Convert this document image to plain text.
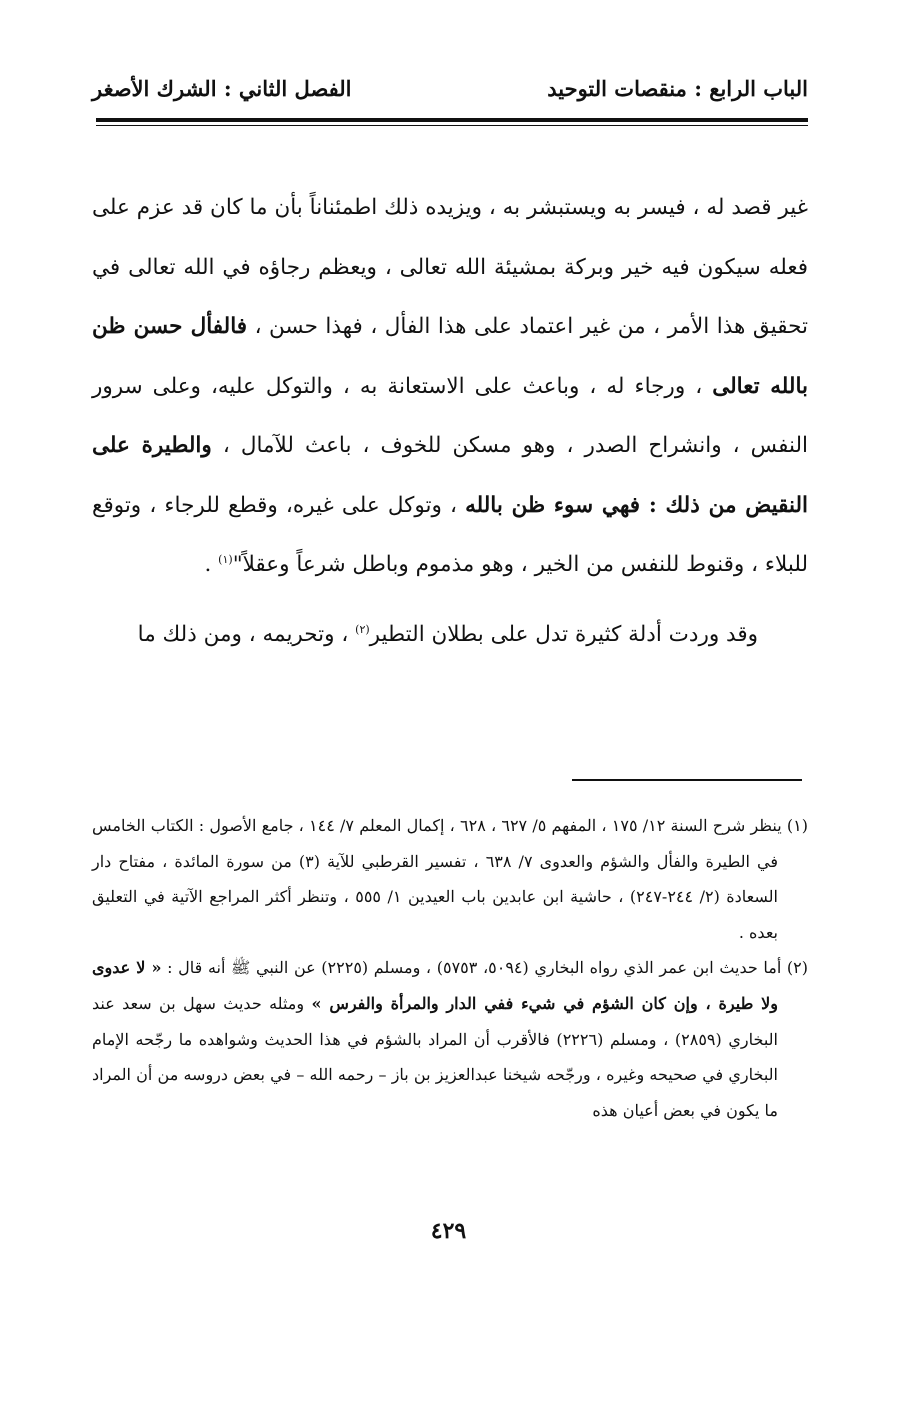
الباب الرابع : منقصات التوحيد
الفصل الثاني : الشرك الأصغر

غير قصد له ، فيسر به ويستبشر به ، ويزيده ذلك اطمئناناً بأن ما كان قد عزم على فعله سيكون فيه خير وبركة بمشيئة الله تعالى ، ويعظم رجاؤه في الله تعالى في تحقيق هذا الأمر ، من غير اعتماد على هذا الفأل ، فهذا حسن ، فالفأل حسن ظن بالله تعالى ، ورجاء له ، وباعث على الاستعانة به ، والتوكل عليه، وعلى سرور النفس ، وانشراح الصدر ، وهو مسكن للخوف ، باعث للآمال ، والطيرة على النقيض من ذلك : فهي سوء ظن بالله ، وتوكل على غيره، وقطع للرجاء ، وتوقع للبلاء ، وقنوط للنفس من الخير ، وهو مذموم وباطل شرعاً وعقلاً"$^{(١)}$ .

وقد وردت أدلة كثيرة تدل على بطلان التطير$^{(٢)}$ ، وتحريمه ، ومن ذلك ما

(١) ينظر شرح السنة ١٢/ ١٧٥ ، المفهم ٥/ ٦٢٧ ، ٦٢٨ ، إكمال المعلم ٧/ ١٤٤ ، جامع الأصول : الكتاب الخامس في الطيرة والفأل والشؤم والعدوى ٧/ ٦٣٨ ، تفسير القرطبي للآية (٣) من سورة المائدة ، مفتاح دار السعادة (٢/ ٢٤٤-٢٤٧) ، حاشية ابن عابدين باب العيدين ١/ ٥٥٥ ، وتنظر أكثر المراجع الآتية في التعليق بعده .

(٢) أما حديث ابن عمر الذي رواه البخاري (٥٠٩٤، ٥٧٥٣) ، ومسلم (٢٢٢٥) عن النبي ﷺ أنه قال : « لا عدوى ولا طيرة ، وإن كان الشؤم في شيء ففي الدار والمرأة والفرس » ومثله حديث سهل بن سعد عند البخاري (٢٨٥٩) ، ومسلم (٢٢٢٦) فالأقرب أن المراد بالشؤم في هذا الحديث وشواهده ما رجّحه الإمام البخاري في صحيحه وغيره ، ورجّحه شيخنا عبدالعزيز بن باز – رحمه الله – في بعض دروسه من أن المراد ما يكون في بعض أعيان هذه

٤٢٩
